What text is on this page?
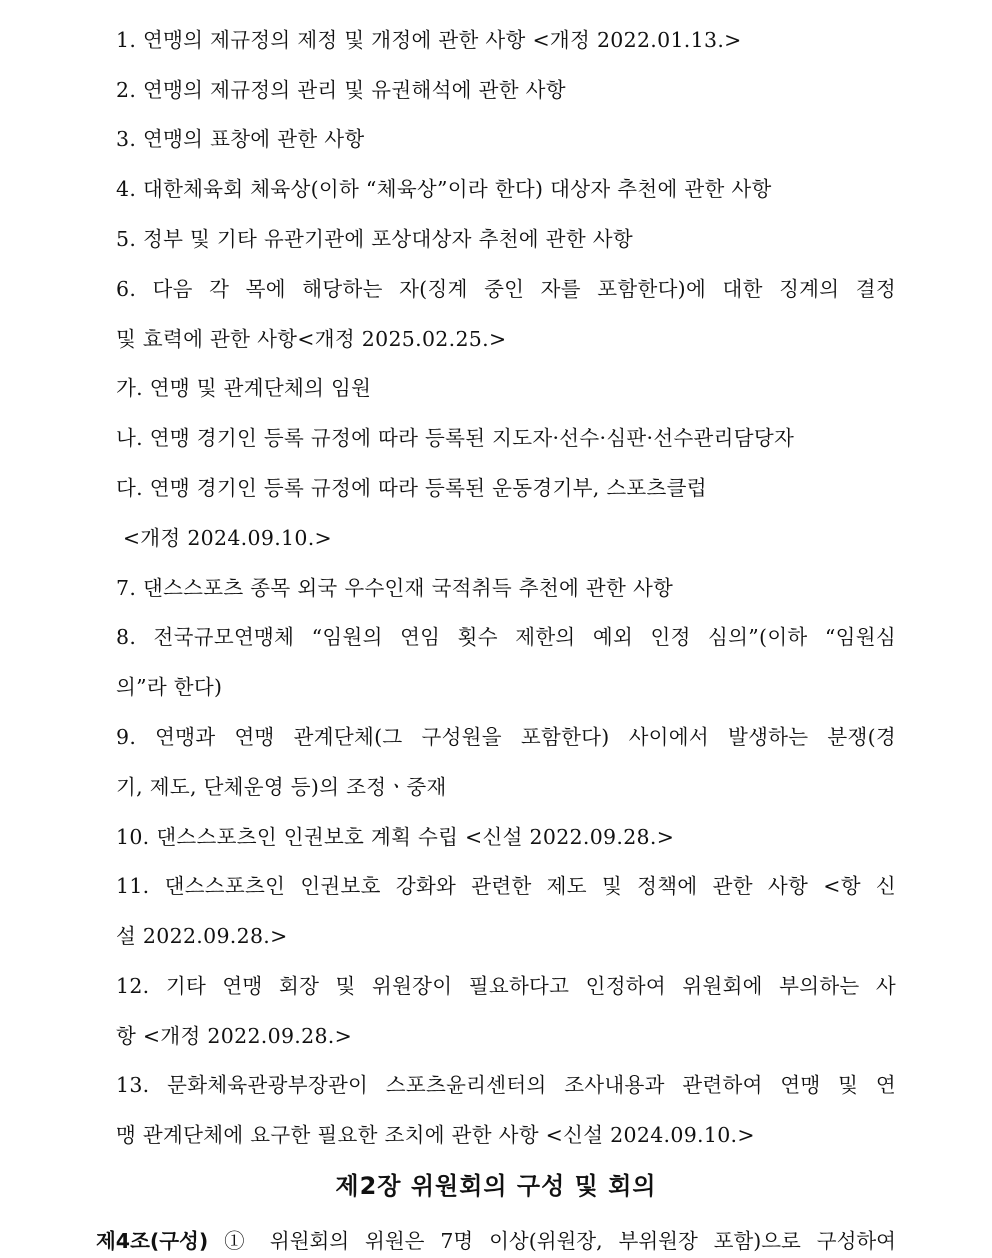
1. 연맹의 제규정의 제정 및 개정에 관한 사항 <개정 2022.01.13.>
2. 연맹의 제규정의 관리 및 유권해석에 관한 사항
3. 연맹의 표창에 관한 사항
4. 대한체육회 체육상(이하 “체육상”이라 한다) 대상자 추천에 관한 사항
5. 정부 및 기타 유관기관에 포상대상자 추천에 관한 사항
6. 다음 각 목에 해당하는 자(징계 중인 자를 포함한다)에 대한 징계의 결정
및 효력에 관한 사항<개정 2025.02.25.>
가. 연맹 및 관계단체의 임원
나. 연맹 경기인 등록 규정에 따라 등록된 지도자·선수·심판·선수관리담당자
다. 연맹 경기인 등록 규정에 따라 등록된 운동경기부, 스포츠클럽
<개정 2024.09.10.>
7. 댄스스포츠 종목 외국 우수인재 국적취득 추천에 관한 사항
8. 전국규모연맹체 “임원의 연임 횟수 제한의 예외 인정 심의”(이하 “임원심
의”라 한다)
9. 연맹과 연맹 관계단체(그 구성원을 포함한다) 사이에서 발생하는 분쟁(경
기, 제도, 단체운영 등)의 조정ㆍ중재
10. 댄스스포츠인 인권보호 계획 수립 <신설 2022.09.28.>
11. 댄스스포츠인 인권보호 강화와 관련한 제도 및 정책에 관한 사항 <항 신
설 2022.09.28.>
12. 기타 연맹 회장 및 위원장이 필요하다고 인정하여 위원회에 부의하는 사
항 <개정 2022.09.28.>
13. 문화체육관광부장관이 스포츠윤리센터의 조사내용과 관련하여 연맹 및 연
맹 관계단체에 요구한 필요한 조치에 관한 사항 <신설 2024.09.10.>
제2장 위원회의 구성 및 회의
제4조(구성) ① 위원회의 위원은 7명 이상(위원장, 부위원장 포함)으로 구성하여
